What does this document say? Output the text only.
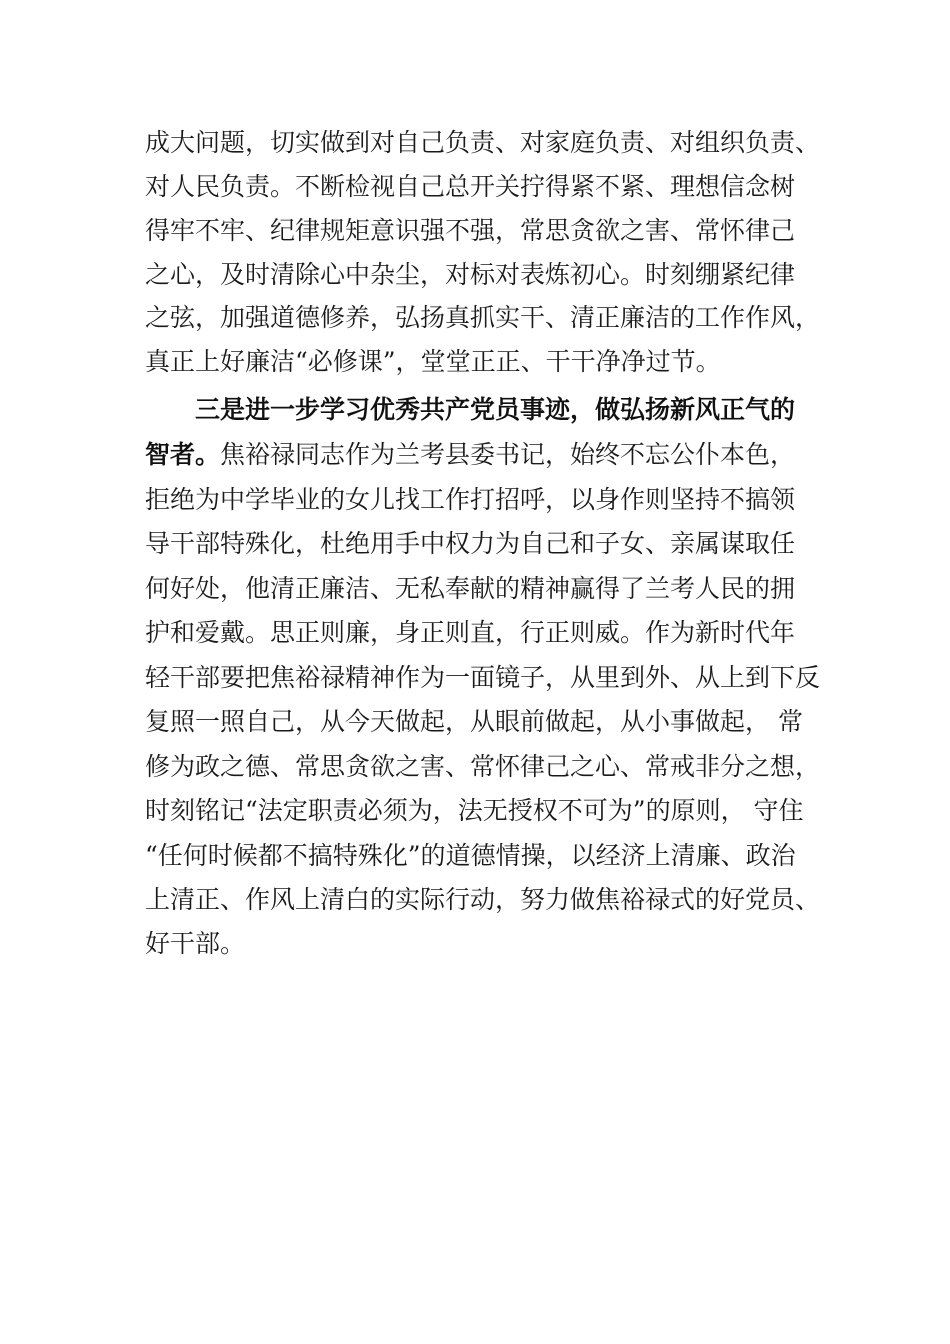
成大问题，切实做到对自己负责、对家庭负责、对组织负责、
对人民负责。不断检视自己总开关拧得紧不紧、理想信念树
得牢不牢、纪律规矩意识强不强，常思贪欲之害、常怀律己
之心，及时清除心中杂尘，对标对表炼初心。时刻绷紧纪律
之弦，加强道德修养，弘扬真抓实干、清正廉洁的工作作风，
真正上好廉洁“必修课”，堂堂正正、干干净净过节。
三是进一步学习优秀共产党员事迹，做弘扬新风正气的
智者。焦裕禄同志作为兰考县委书记，始终不忘公仆本色，
拒绝为中学毕业的女儿找工作打招呼，以身作则坚持不搞领
导干部特殊化，杜绝用手中权力为自己和子女、亲属谋取任
何好处，他清正廉洁、无私奉献的精神赢得了兰考人民的拥
护和爱戴。思正则廉，身正则直，行正则威。作为新时代年
轻干部要把焦裕禄精神作为一面镜子，从里到外、从上到下反
复照一照自己，从今天做起，从眼前做起，从小事做起， 常
修为政之德、常思贪欲之害、常怀律己之心、常戒非分之想，
时刻铭记“法定职责必须为，法无授权不可为”的原则， 守住
“任何时候都不搞特殊化”的道德情操，以经济上清廉、政治
上清正、作风上清白的实际行动，努力做焦裕禄式的好党员、
好干部。
